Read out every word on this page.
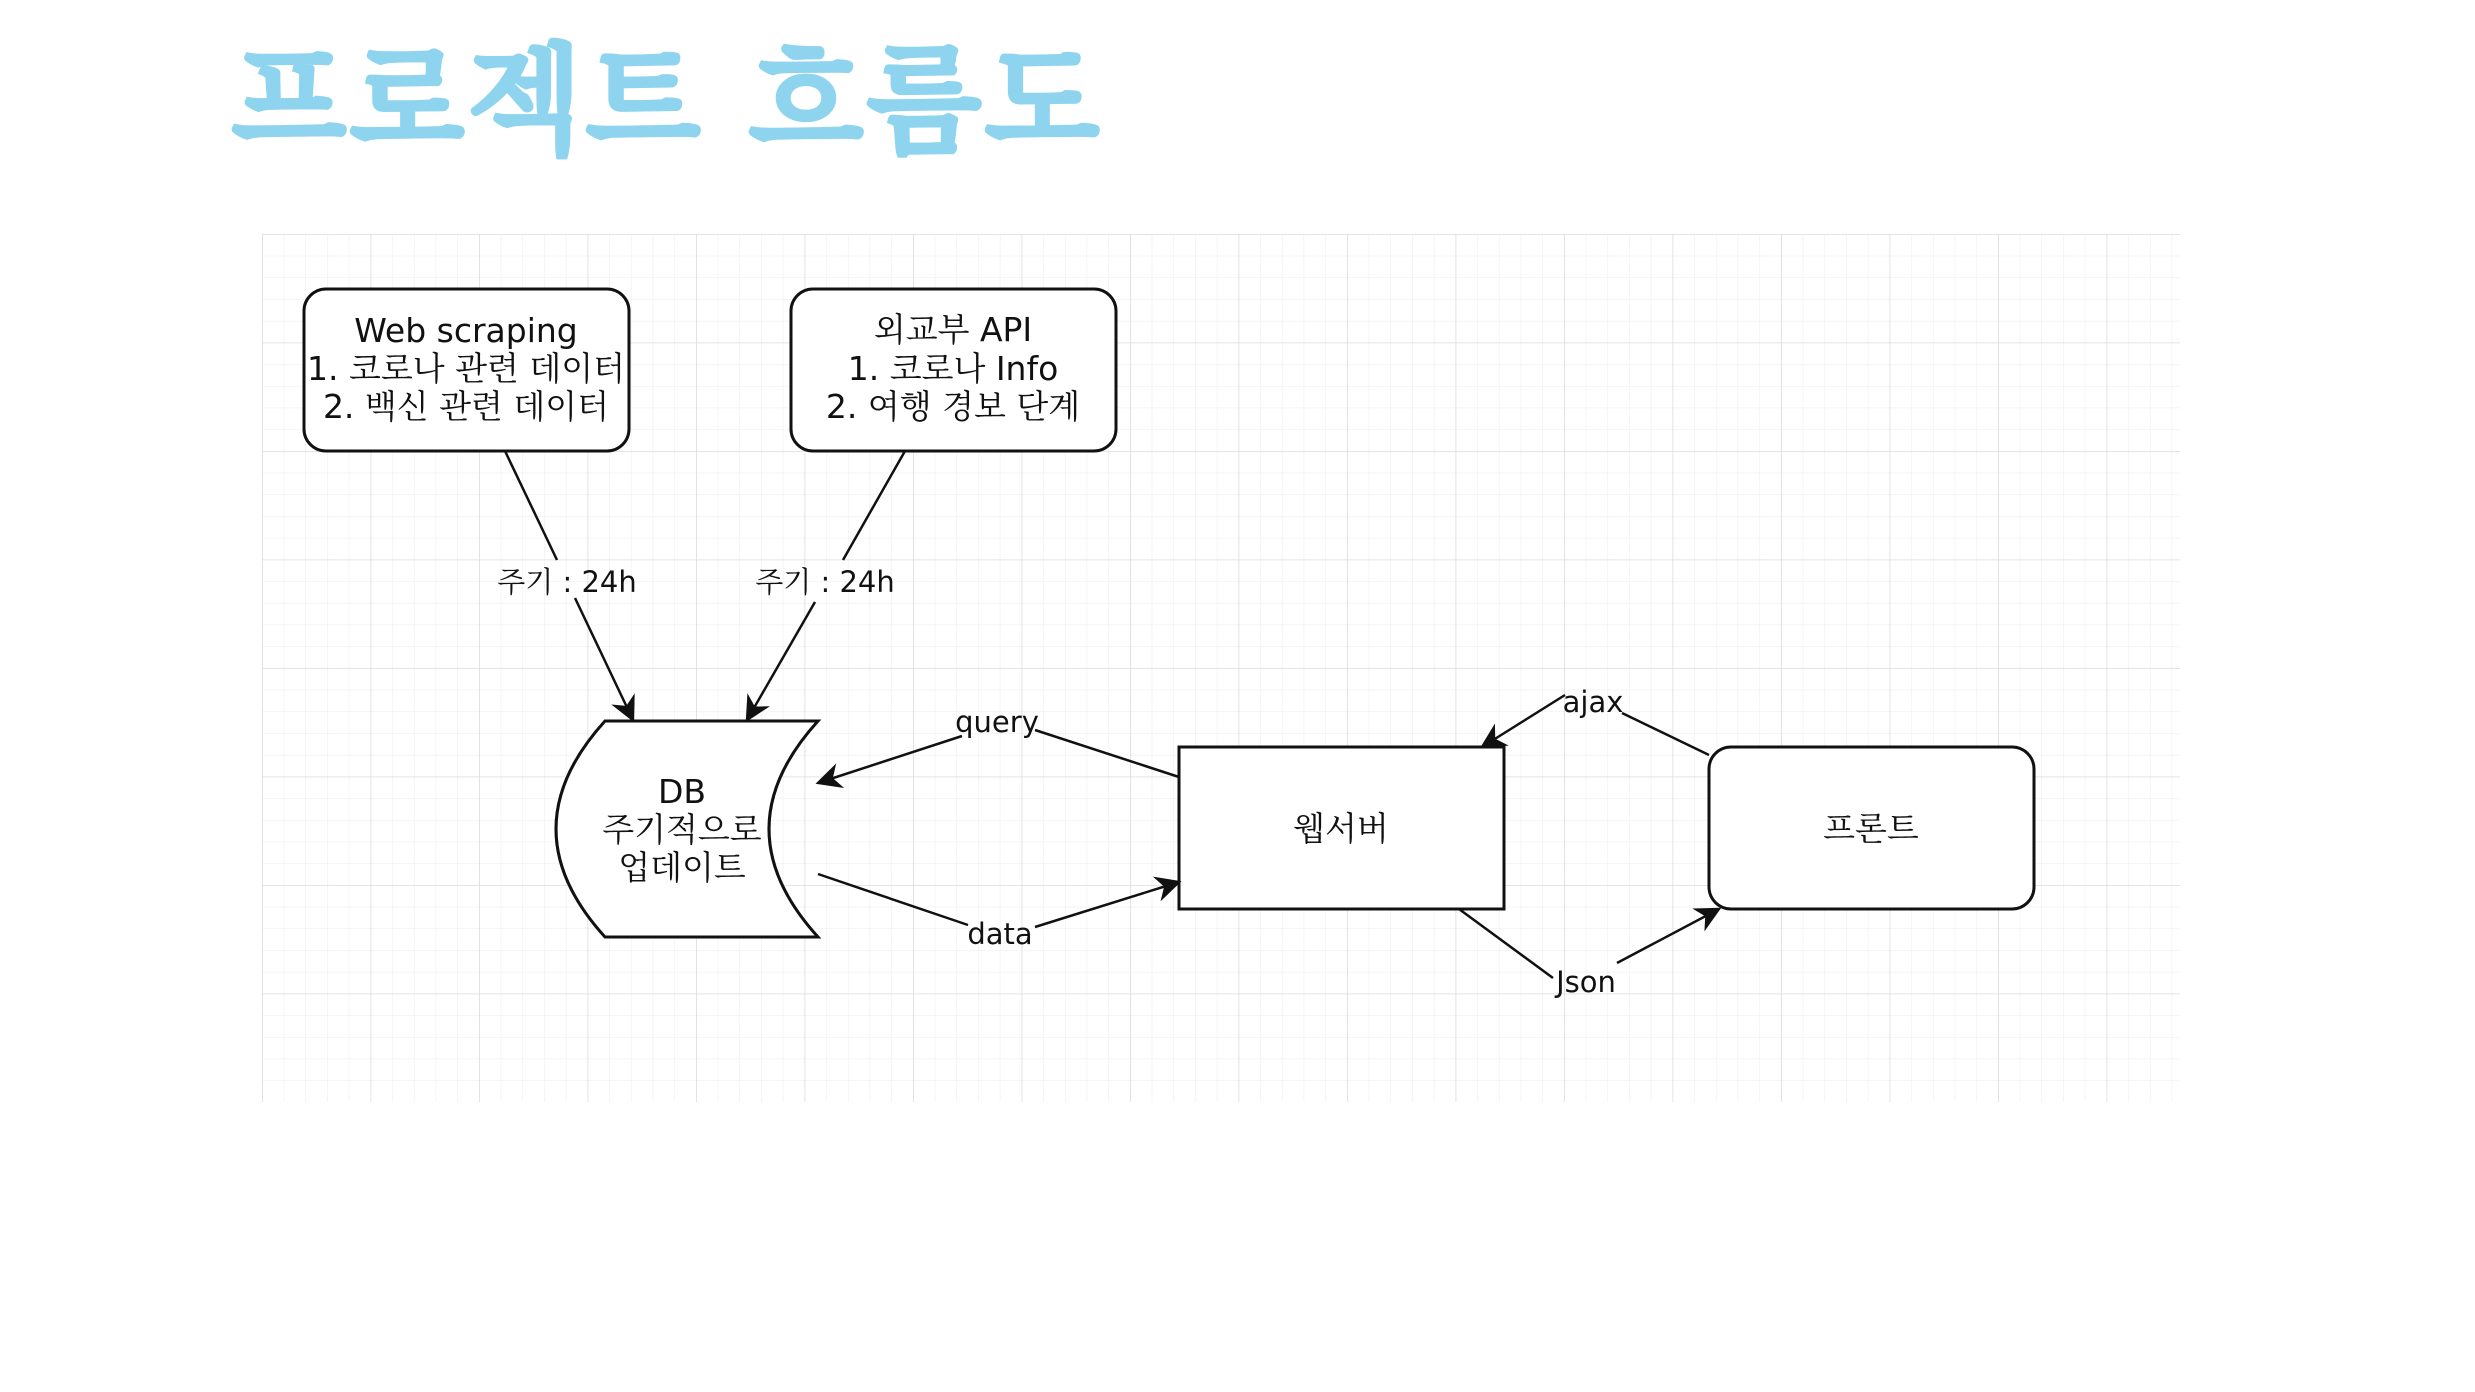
프로젝트 흐름도
Web scraping
1. 코로나 관련 데이터
2. 백신 관련 데이터
외교부 API
1. 코로나 Info
2. 여행 경보 단계
DB
주기적으로
업데이트
웹서버	프론트
주기 : 24h	주기 : 24h
query
data
ajax
Json
